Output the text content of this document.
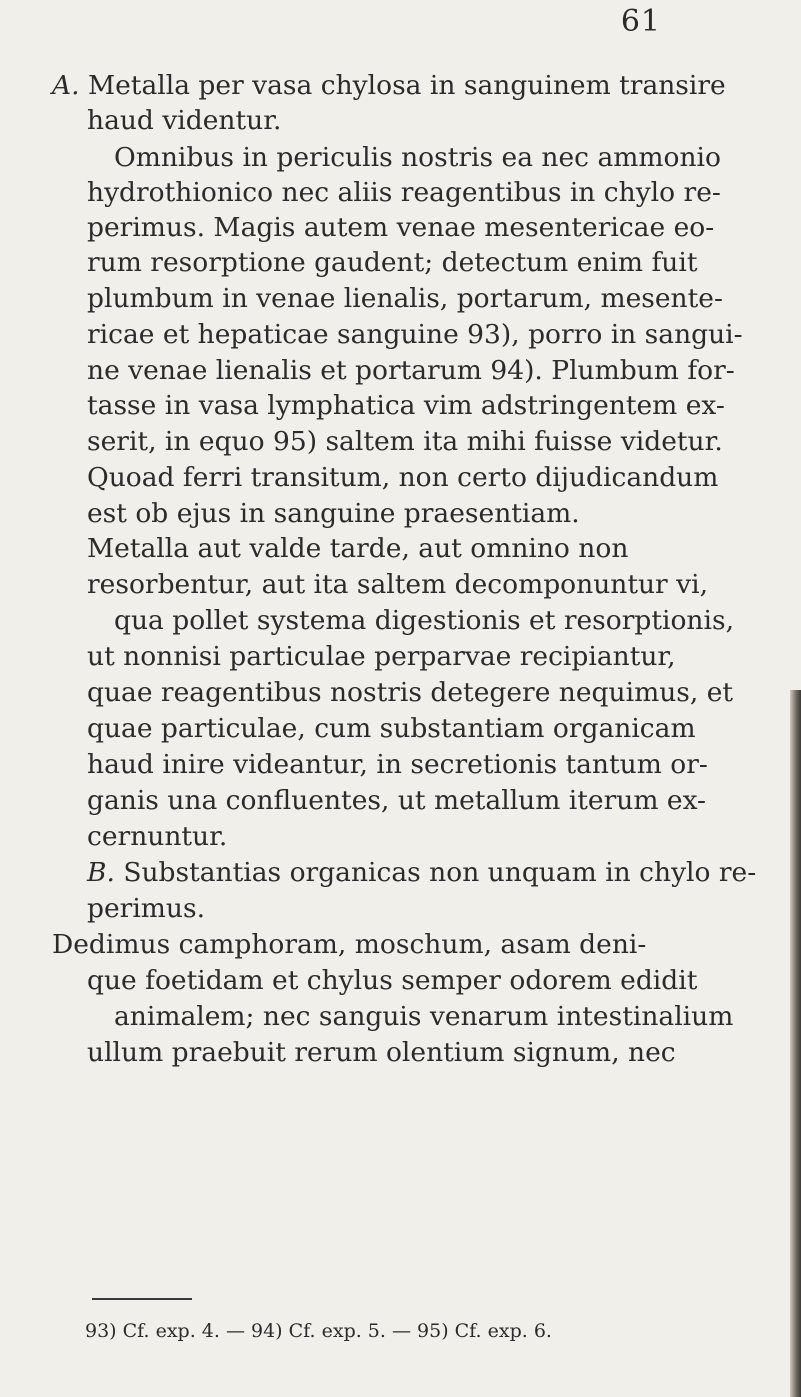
61
A. Metalla per vasa chylosa in sanguinem transire
haud videntur.
Omnibus in periculis nostris ea nec ammonio
hydrothionico nec aliis reagentibus in chylo re-
perimus. Magis autem venae mesentericae eo-
rum resorptione gaudent; detectum enim fuit
plumbum in venae lienalis, portarum, mesente-
ricae et hepaticae sanguine 93), porro in sangui-
ne venae lienalis et portarum 94). Plumbum for-
tasse in vasa lymphatica vim adstringentem ex-
serit, in equo 95) saltem ita mihi fuisse videtur.
Quoad ferri transitum, non certo dijudicandum
est ob ejus in sanguine praesentiam.
Metalla aut valde tarde, aut omnino non
resorbentur, aut ita saltem decomponuntur vi,
qua pollet systema digestionis et resorptionis,
ut nonnisi particulae perparvae recipiantur,
quae reagentibus nostris detegere nequimus, et
quae particulae, cum substantiam organicam
haud inire videantur, in secretionis tantum or-
ganis una confluentes, ut metallum iterum ex-
cernuntur.
B. Substantias organicas non unquam in chylo re-
perimus.
Dedimus camphoram, moschum, asam deni-
que foetidam et chylus semper odorem edidit
animalem; nec sanguis venarum intestinalium
ullum praebuit rerum olentium signum, nec
93) Cf. exp. 4. — 94) Cf. exp. 5. — 95) Cf. exp. 6.
